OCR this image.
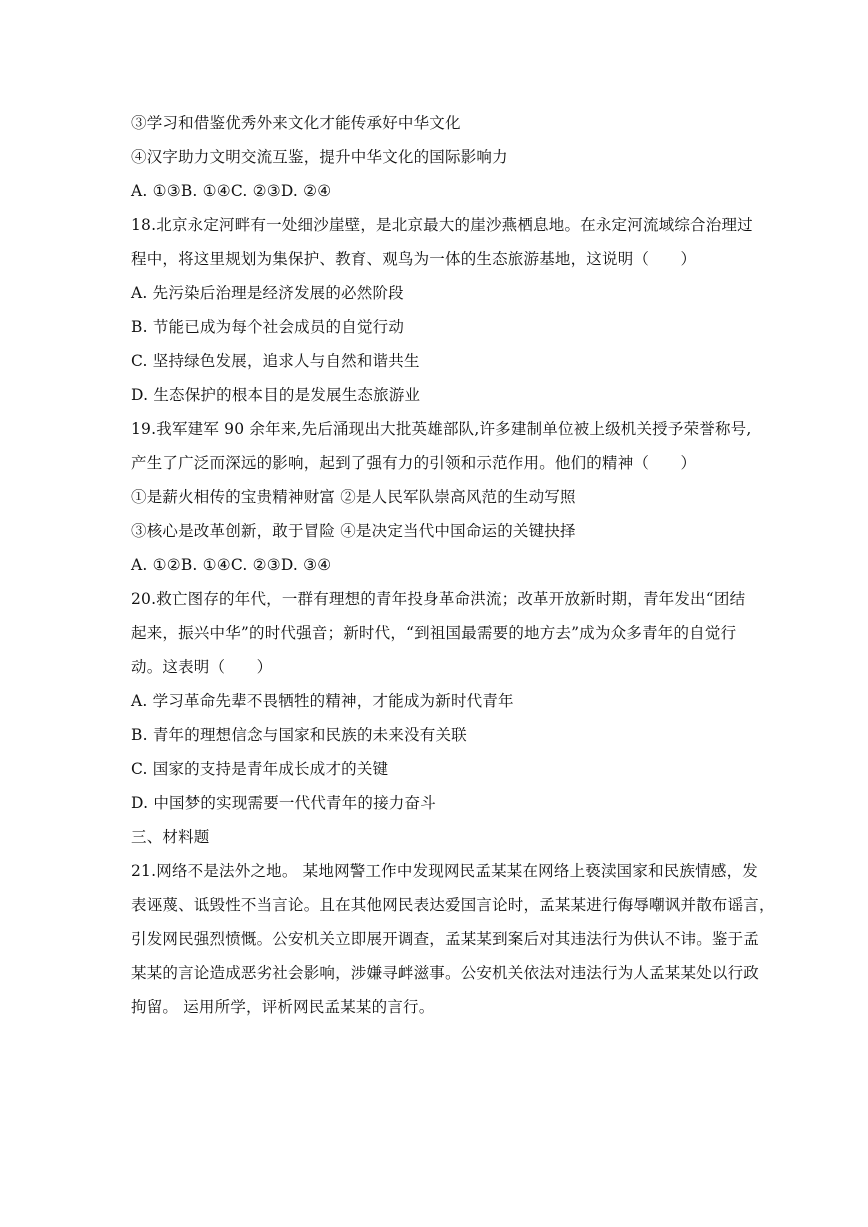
③学习和借鉴优秀外来文化才能传承好中华文化
④汉字助力文明交流互鉴，提升中华文化的国际影响力
A. ①③B. ①④C. ②③D. ②④
18.北京永定河畔有一处细沙崖壁，是北京最大的崖沙燕栖息地。在永定河流域综合治理过
程中，将这里规划为集保护、教育、观鸟为一体的生态旅游基地，这说明（　　）
A. 先污染后治理是经济发展的必然阶段
B. 节能已成为每个社会成员的自觉行动
C. 坚持绿色发展，追求人与自然和谐共生
D. 生态保护的根本目的是发展生态旅游业
19.我军建军 90 余年来,先后涌现出大批英雄部队,许多建制单位被上级机关授予荣誉称号,
产生了广泛而深远的影响，起到了强有力的引领和示范作用。他们的精神（　　）
①是薪火相传的宝贵精神财富 ②是人民军队崇高风范的生动写照
③核心是改革创新，敢于冒险 ④是决定当代中国命运的关键抉择
A. ①②B. ①④C. ②③D. ③④
20.救亡图存的年代，一群有理想的青年投身革命洪流；改革开放新时期，青年发出“团结
起来，振兴中华”的时代强音；新时代，“到祖国最需要的地方去”成为众多青年的自觉行
动。这表明（　　）
A. 学习革命先辈不畏牺牲的精神，才能成为新时代青年
B. 青年的理想信念与国家和民族的未来没有关联
C. 国家的支持是青年成长成才的关键
D. 中国梦的实现需要一代代青年的接力奋斗
三、材料题
21.网络不是法外之地。 某地网警工作中发现网民孟某某在网络上亵渎国家和民族情感，发
表诬蔑、诋毁性不当言论。且在其他网民表达爱国言论时，孟某某进行侮辱嘲讽并散布谣言，
引发网民强烈愤慨。公安机关立即展开调查，孟某某到案后对其违法行为供认不讳。鉴于孟
某某的言论造成恶劣社会影响，涉嫌寻衅滋事。公安机关依法对违法行为人孟某某处以行政
拘留。 运用所学，评析网民孟某某的言行。
